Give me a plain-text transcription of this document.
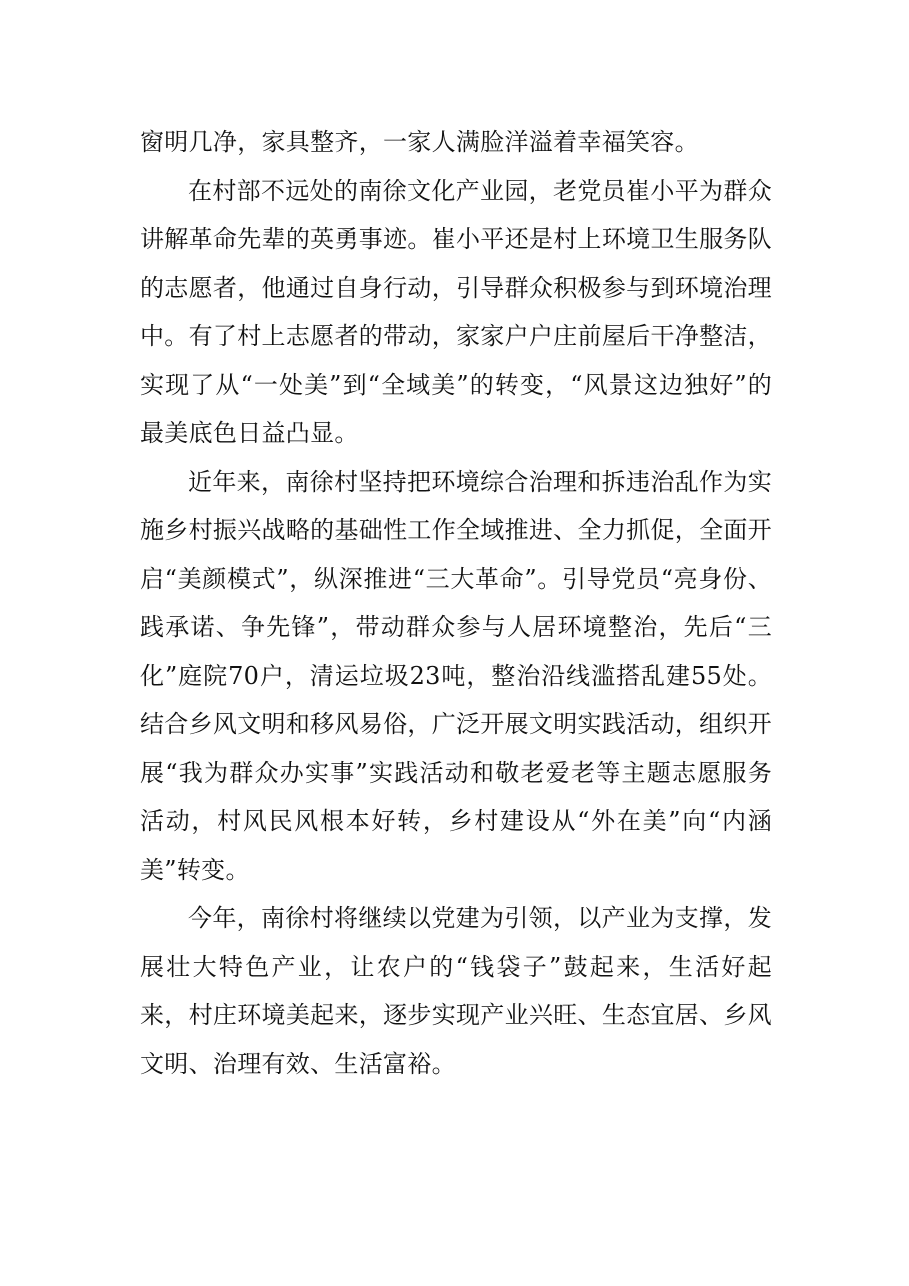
窗明几净，家具整齐，一家人满脸洋溢着幸福笑容。

在村部不远处的南徐文化产业园，老党员崔小平为群众讲解革命先辈的英勇事迹。崔小平还是村上环境卫生服务队的志愿者，他通过自身行动，引导群众积极参与到环境治理中。有了村上志愿者的带动，家家户户庄前屋后干净整洁，实现了从“一处美”到“全域美”的转变，“风景这边独好”的最美底色日益凸显。

近年来，南徐村坚持把环境综合治理和拆违治乱作为实施乡村振兴战略的基础性工作全域推进、全力抓促，全面开启“美颜模式”，纵深推进“三大革命”。引导党员“亮身份、践承诺、争先锋”，带动群众参与人居环境整治，先后“三化”庭院70户，清运垃圾23吨，整治沿线滥搭乱建55处。结合乡风文明和移风易俗，广泛开展文明实践活动，组织开展“我为群众办实事”实践活动和敬老爱老等主题志愿服务活动，村风民风根本好转，乡村建设从“外在美”向“内涵美”转变。

今年，南徐村将继续以党建为引领，以产业为支撑，发展壮大特色产业，让农户的“钱袋子”鼓起来，生活好起来，村庄环境美起来，逐步实现产业兴旺、生态宜居、乡风文明、治理有效、生活富裕。
